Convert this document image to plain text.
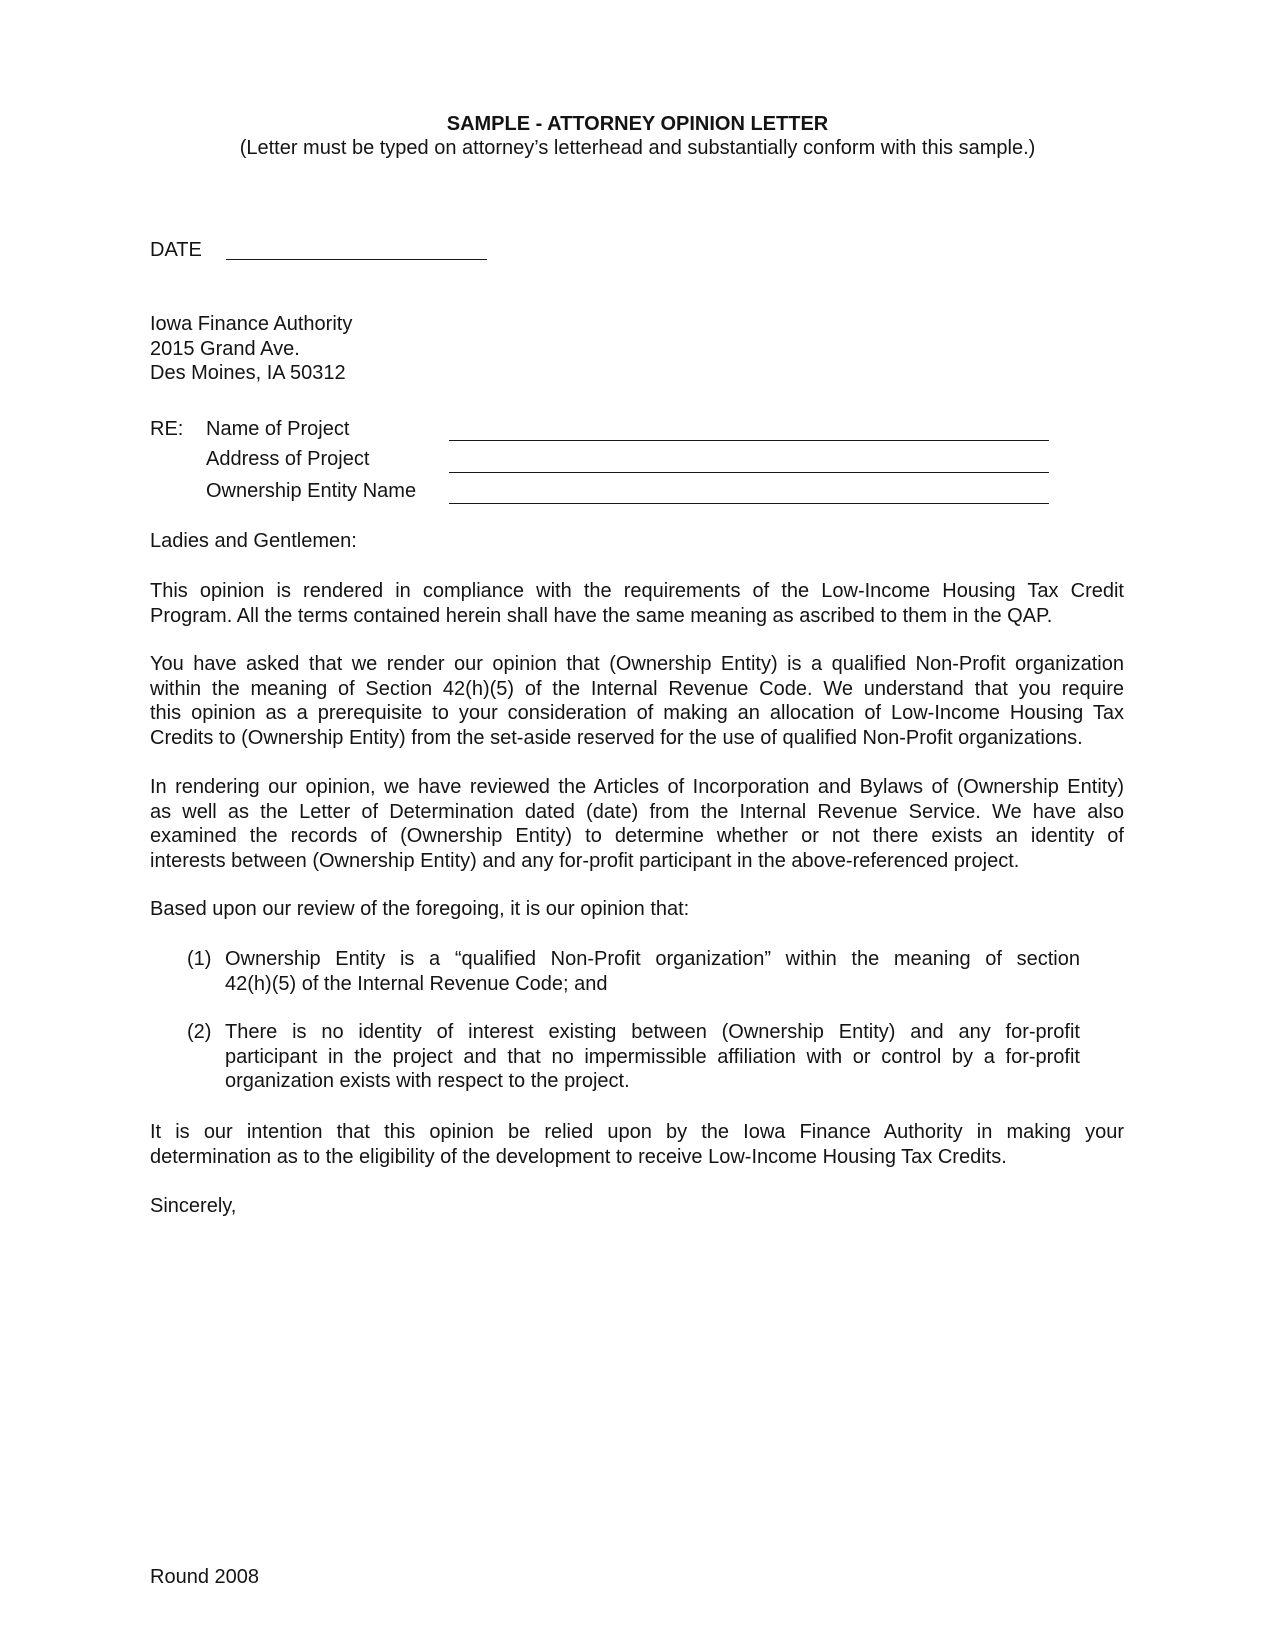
SAMPLE - ATTORNEY OPINION LETTER
(Letter must be typed on attorney’s letterhead and substantially conform with this sample.)
DATE
Iowa Finance Authority
2015 Grand Ave.
Des Moines, IA 50312
RE: Name of Project
Address of Project
Ownership Entity Name
Ladies and Gentlemen:
This opinion is rendered in compliance with the requirements of the Low-Income Housing Tax Credit
Program. All the terms contained herein shall have the same meaning as ascribed to them in the QAP.
You have asked that we render our opinion that (Ownership Entity) is a qualified Non-Profit organization
within the meaning of Section 42(h)(5) of the Internal Revenue Code. We understand that you require
this opinion as a prerequisite to your consideration of making an allocation of Low-Income Housing Tax
Credits to (Ownership Entity) from the set-aside reserved for the use of qualified Non-Profit organizations.
In rendering our opinion, we have reviewed the Articles of Incorporation and Bylaws of (Ownership Entity)
as well as the Letter of Determination dated (date) from the Internal Revenue Service. We have also
examined the records of (Ownership Entity) to determine whether or not there exists an identity of
interests between (Ownership Entity) and any for-profit participant in the above-referenced project.
Based upon our review of the foregoing, it is our opinion that:
(1) Ownership Entity is a “qualified Non-Profit organization” within the meaning of section
42(h)(5) of the Internal Revenue Code; and
(2) There is no identity of interest existing between (Ownership Entity) and any for-profit
participant in the project and that no impermissible affiliation with or control by a for-profit
organization exists with respect to the project.
It is our intention that this opinion be relied upon by the Iowa Finance Authority in making your
determination as to the eligibility of the development to receive Low-Income Housing Tax Credits.
Sincerely,
Round 2008
